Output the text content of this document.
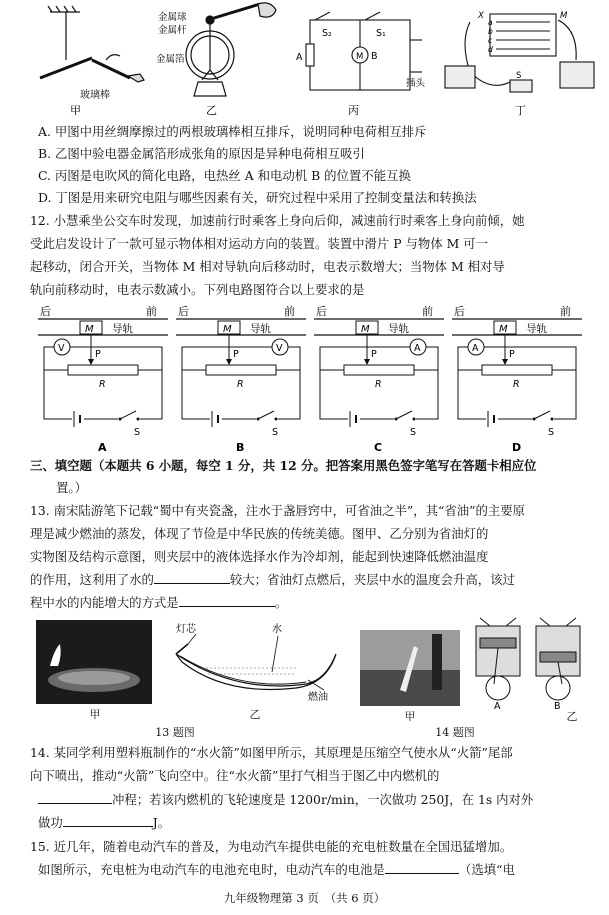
玻璃棒
甲
金属球
金属杆
金属箔
乙
S₂	S₁
A	M B
插头
丙
X	M
a
b
c
d
S
丁
A. 甲图中用丝绸摩擦过的两根玻璃棒相互排斥，说明同种电荷相互排斥
B. 乙图中验电器金属箔形成张角的原因是异种电荷相互吸引
C. 丙图是电吹风的简化电路，电热丝 A 和电动机 B 的位置不能互换
D. 丁图是用来研究电阻与哪些因素有关，研究过程中采用了控制变量法和转换法
12. 小慧乘坐公交车时发现，加速前行时乘客上身向后仰，减速前行时乘客上身向前倾，她
受此启发设计了一款可显示物体相对运动方向的装置。装置中滑片 P 与物体 M 可一
起移动，闭合开关，当物体 M 相对导轨向后移动时，电表示数增大；当物体 M 相对导
轨向前移动时，电表示数减小。下列电路图符合以上要求的是
后	前
M 导轨
P
R
V
S
A
后	前
M 导轨
P
R
V
S
B
后	前
M 导轨
P
R
A
S
C
后	前
M 导轨
P
R
A
S
D
三、填空题（本题共 6 小题，每空 1 分，共 12 分。把答案用黑色签字笔写在答题卡相应位
置。）
13. 南宋陆游笔下记载“蜀中有夹瓷盏，注水于盏唇窍中，可省油之半”，其“省油”的主要原
理是减少燃油的蒸发，体现了节俭是中华民族的传统美德。图甲、乙分别为省油灯的
实物图及结构示意图，则夹层中的液体选择水作为冷却剂，能起到快速降低燃油温度
的作用，这利用了水的	较大；省油灯点燃后，夹层中水的温度会升高，该过
程中水的内能增大的方式是	。
甲
灯芯	水
燃油
乙
13 题图
甲
A	B
乙
14 题图
14. 某同学利用塑料瓶制作的“水火箭”如图甲所示，其原理是压缩空气使水从“火箭”尾部
向下喷出，推动“火箭”飞向空中。往“水火箭”里打气相当于图乙中内燃机的
冲程；若该内燃机的飞轮速度是 1200r/min，一次做功 250J，在 1s 内对外
做功	J。
15. 近几年，随着电动汽车的普及，为电动汽车提供电能的充电桩数量在全国迅猛增加。
如图所示，充电桩为电动汽车的电池充电时，电动汽车的电池是	（选填“电
九年级物理第 3 页　（共 6 页）
